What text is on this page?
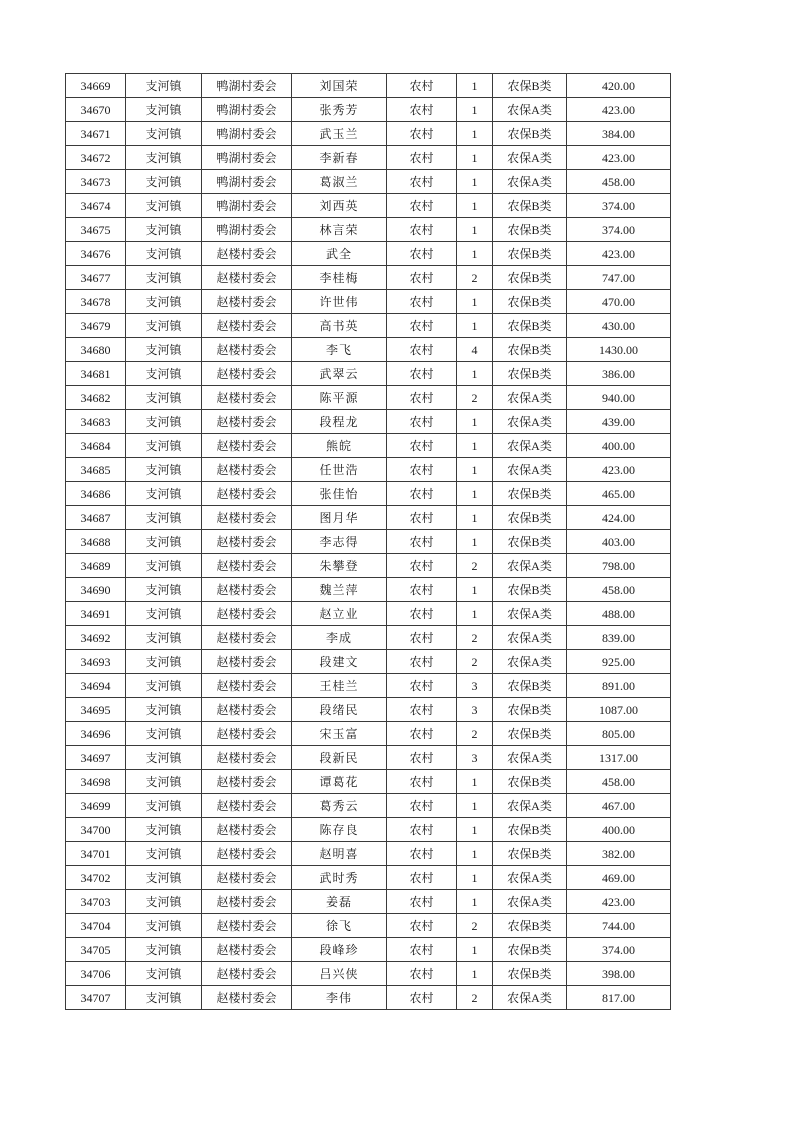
34669	支河镇	鸭湖村委会	刘国荣	农村	1	农保B类	420.00
34670	支河镇	鸭湖村委会	张秀芳	农村	1	农保A类	423.00
34671	支河镇	鸭湖村委会	武玉兰	农村	1	农保B类	384.00
34672	支河镇	鸭湖村委会	李新春	农村	1	农保A类	423.00
34673	支河镇	鸭湖村委会	葛淑兰	农村	1	农保A类	458.00
34674	支河镇	鸭湖村委会	刘西英	农村	1	农保B类	374.00
34675	支河镇	鸭湖村委会	林言荣	农村	1	农保B类	374.00
34676	支河镇	赵楼村委会	武全	农村	1	农保B类	423.00
34677	支河镇	赵楼村委会	李桂梅	农村	2	农保B类	747.00
34678	支河镇	赵楼村委会	许世伟	农村	1	农保B类	470.00
34679	支河镇	赵楼村委会	高书英	农村	1	农保B类	430.00
34680	支河镇	赵楼村委会	李飞	农村	4	农保B类	1430.00
34681	支河镇	赵楼村委会	武翠云	农村	1	农保B类	386.00
34682	支河镇	赵楼村委会	陈平源	农村	2	农保A类	940.00
34683	支河镇	赵楼村委会	段程龙	农村	1	农保A类	439.00
34684	支河镇	赵楼村委会	熊皖	农村	1	农保A类	400.00
34685	支河镇	赵楼村委会	任世浩	农村	1	农保A类	423.00
34686	支河镇	赵楼村委会	张佳怡	农村	1	农保B类	465.00
34687	支河镇	赵楼村委会	图月华	农村	1	农保B类	424.00
34688	支河镇	赵楼村委会	李志得	农村	1	农保B类	403.00
34689	支河镇	赵楼村委会	朱攀登	农村	2	农保A类	798.00
34690	支河镇	赵楼村委会	魏兰萍	农村	1	农保B类	458.00
34691	支河镇	赵楼村委会	赵立业	农村	1	农保A类	488.00
34692	支河镇	赵楼村委会	李成	农村	2	农保A类	839.00
34693	支河镇	赵楼村委会	段建文	农村	2	农保A类	925.00
34694	支河镇	赵楼村委会	王桂兰	农村	3	农保B类	891.00
34695	支河镇	赵楼村委会	段绪民	农村	3	农保B类	1087.00
34696	支河镇	赵楼村委会	宋玉富	农村	2	农保B类	805.00
34697	支河镇	赵楼村委会	段新民	农村	3	农保A类	1317.00
34698	支河镇	赵楼村委会	谭葛花	农村	1	农保B类	458.00
34699	支河镇	赵楼村委会	葛秀云	农村	1	农保A类	467.00
34700	支河镇	赵楼村委会	陈存良	农村	1	农保B类	400.00
34701	支河镇	赵楼村委会	赵明喜	农村	1	农保B类	382.00
34702	支河镇	赵楼村委会	武时秀	农村	1	农保A类	469.00
34703	支河镇	赵楼村委会	姜磊	农村	1	农保A类	423.00
34704	支河镇	赵楼村委会	徐飞	农村	2	农保B类	744.00
34705	支河镇	赵楼村委会	段峰珍	农村	1	农保B类	374.00
34706	支河镇	赵楼村委会	吕兴侠	农村	1	农保B类	398.00
34707	支河镇	赵楼村委会	李伟	农村	2	农保A类	817.00
